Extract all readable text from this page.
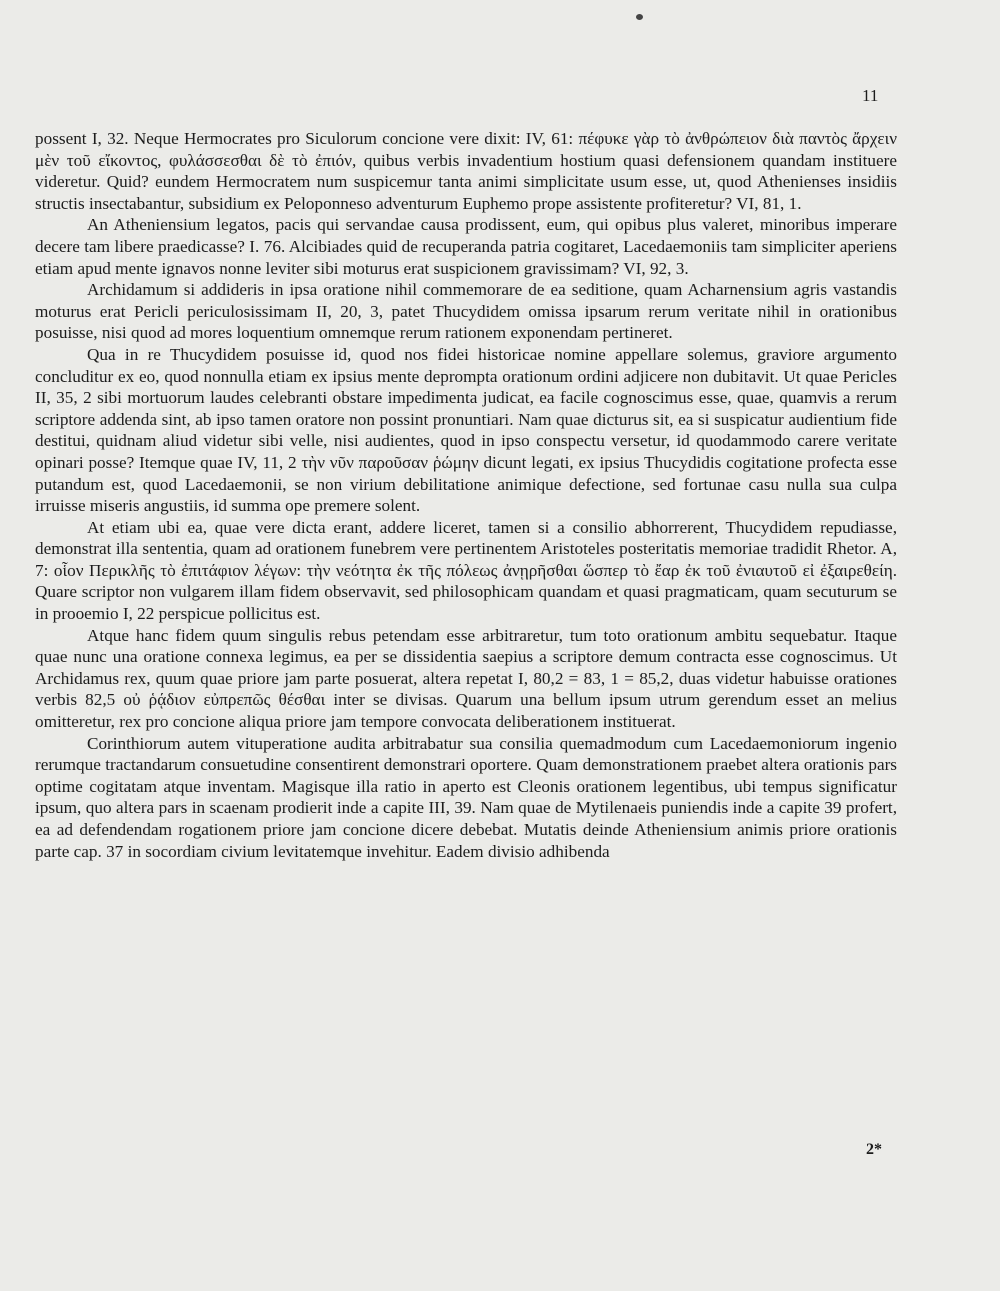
11

possent I, 32. Neque Hermocrates pro Siculorum concione vere dixit: IV, 61: πέφυκε γὰρ τὸ ἀνθρώπειον διὰ παντὸς ἄρχειν μὲν τοῦ εἴκοντος, φυλάσσεσθαι δὲ τὸ ἐπιόν, quibus verbis invadentium hostium quasi defensionem quandam instituere videretur. Quid? eundem Hermocratem num suspicemur tanta animi simplicitate usum esse, ut, quod Athenienses insidiis structis insectabantur, subsidium ex Peloponneso adventurum Euphemo prope assistente profiteretur? VI, 81, 1.

An Atheniensium legatos, pacis qui servandae causa prodissent, eum, qui opibus plus valeret, minoribus imperare decere tam libere praedicasse? I. 76. Alcibiades quid de recuperanda patria cogitaret, Lacedaemoniis tam simpliciter aperiens etiam apud mente ignavos nonne leviter sibi moturus erat suspicionem gravissimam? VI, 92, 3.

Archidamum si addideris in ipsa oratione nihil commemorare de ea seditione, quam Acharnensium agris vastandis moturus erat Pericli periculosissimam II, 20, 3, patet Thucydidem omissa ipsarum rerum veritate nihil in orationibus posuisse, nisi quod ad mores loquentium omnemque rerum rationem exponendam pertineret.

Qua in re Thucydidem posuisse id, quod nos fidei historicae nomine appellare solemus, graviore argumento concluditur ex eo, quod nonnulla etiam ex ipsius mente deprompta orationum ordini adjicere non dubitavit. Ut quae Pericles II, 35, 2 sibi mortuorum laudes celebranti obstare impedimenta judicat, ea facile cognoscimus esse, quae, quamvis a rerum scriptore addenda sint, ab ipso tamen oratore non possint pronuntiari. Nam quae dicturus sit, ea si suspicatur audientium fide destitui, quidnam aliud videtur sibi velle, nisi audientes, quod in ipso conspectu versetur, id quodammodo carere veritate opinari posse? Itemque quae IV, 11, 2 τὴν νῦν παροῦσαν ῥώμην dicunt legati, ex ipsius Thucydidis cogitatione profecta esse putandum est, quod Lacedaemonii, se non virium debilitatione animique defectione, sed fortunae casu nulla sua culpa irruisse miseris angustiis, id summa ope premere solent.

At etiam ubi ea, quae vere dicta erant, addere liceret, tamen si a consilio abhorrerent, Thucydidem repudiasse, demonstrat illa sententia, quam ad orationem funebrem vere pertinentem Aristoteles posteritatis memoriae tradidit Rhetor. A, 7: οἷον Περικλῆς τὸ ἐπιτάφιον λέγων: τὴν νεότητα ἐκ τῆς πόλεως ἀνῃρῆσθαι ὥσπερ τὸ ἔαρ ἐκ τοῦ ἐνιαυτοῦ εἰ ἐξαιρεθείη. Quare scriptor non vulgarem illam fidem observavit, sed philosophicam quandam et quasi pragmaticam, quam secuturum se in prooemio I, 22 perspicue pollicitus est.

Atque hanc fidem quum singulis rebus petendam esse arbitraretur, tum toto orationum ambitu sequebatur. Itaque quae nunc una oratione connexa legimus, ea per se dissidentia saepius a scriptore demum contracta esse cognoscimus. Ut Archidamus rex, quum quae priore jam parte posuerat, altera repetat I, 80,2 = 83, 1 = 85,2, duas videtur habuisse orationes verbis 82,5 οὐ ῥᾴδιον εὐπρεπῶς θέσθαι inter se divisas. Quarum una bellum ipsum utrum gerendum esset an melius omitteretur, rex pro concione aliqua priore jam tempore convocata deliberationem instituerat.

Corinthiorum autem vituperatione audita arbitrabatur sua consilia quemadmodum cum Lacedaemoniorum ingenio rerumque tractandarum consuetudine consentirent demonstrari oportere. Quam demonstrationem praebet altera orationis pars optime cogitatam atque inventam. Magisque illa ratio in aperto est Cleonis orationem legentibus, ubi tempus significatur ipsum, quo altera pars in scaenam prodierit inde a capite III, 39. Nam quae de Mytilenaeis puniendis inde a capite 39 profert, ea ad defendendam rogationem priore jam concione dicere debebat. Mutatis deinde Atheniensium animis priore orationis parte cap. 37 in socordiam civium levitatemque invehitur. Eadem divisio adhibenda

2*
